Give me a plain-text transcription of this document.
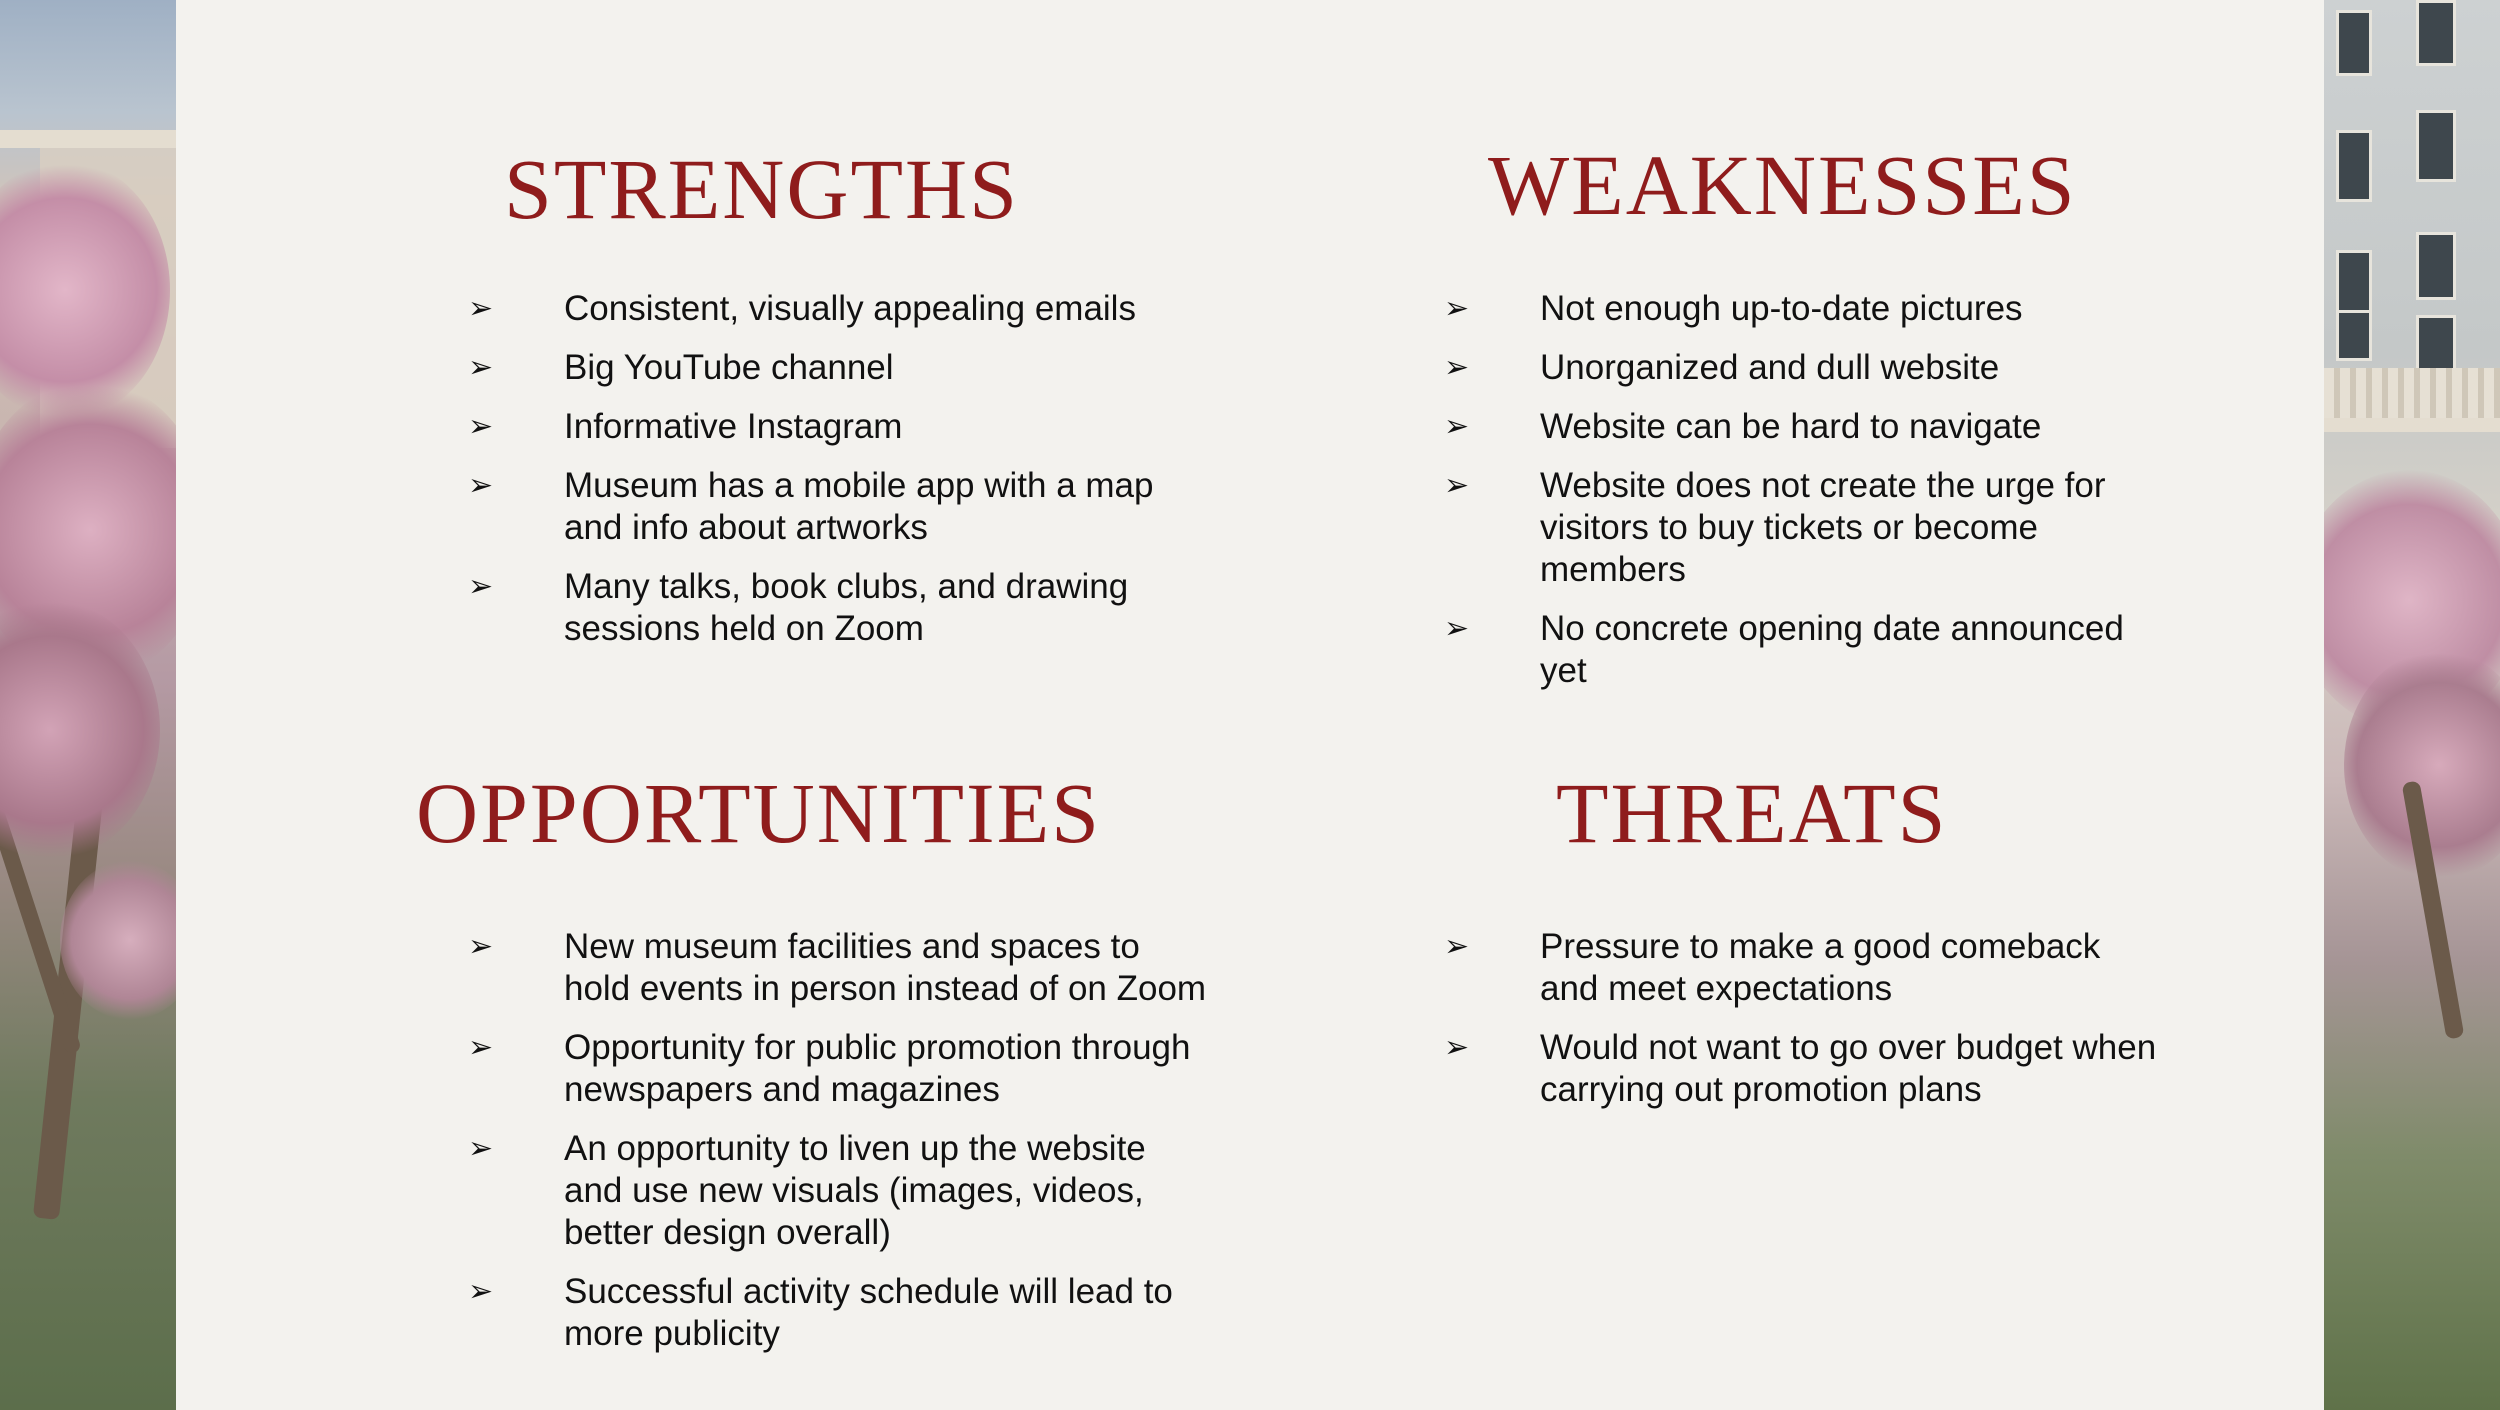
STRENGTHS
➢	Consistent, visually appealing emails
➢	Big YouTube channel
➢	Informative Instagram
➢	Museum has a mobile app with a map and info about artworks
➢	Many talks, book clubs, and drawing sessions held on Zoom
WEAKNESSES
➢	Not enough up-to-date pictures
➢	Unorganized and dull website
➢	Website can be hard to navigate
➢	Website does not create the urge for visitors to buy tickets or become members
➢	No concrete opening date announced yet
OPPORTUNITIES
➢	New museum facilities and spaces to hold events in person instead of on Zoom
➢	Opportunity for public promotion through newspapers and magazines
➢	An opportunity to liven up the website and use new visuals (images, videos, better design overall)
➢	Successful activity schedule will lead to more publicity
THREATS
➢	Pressure to make a good comeback and meet expectations
➢	Would not want to go over budget when carrying out promotion plans
